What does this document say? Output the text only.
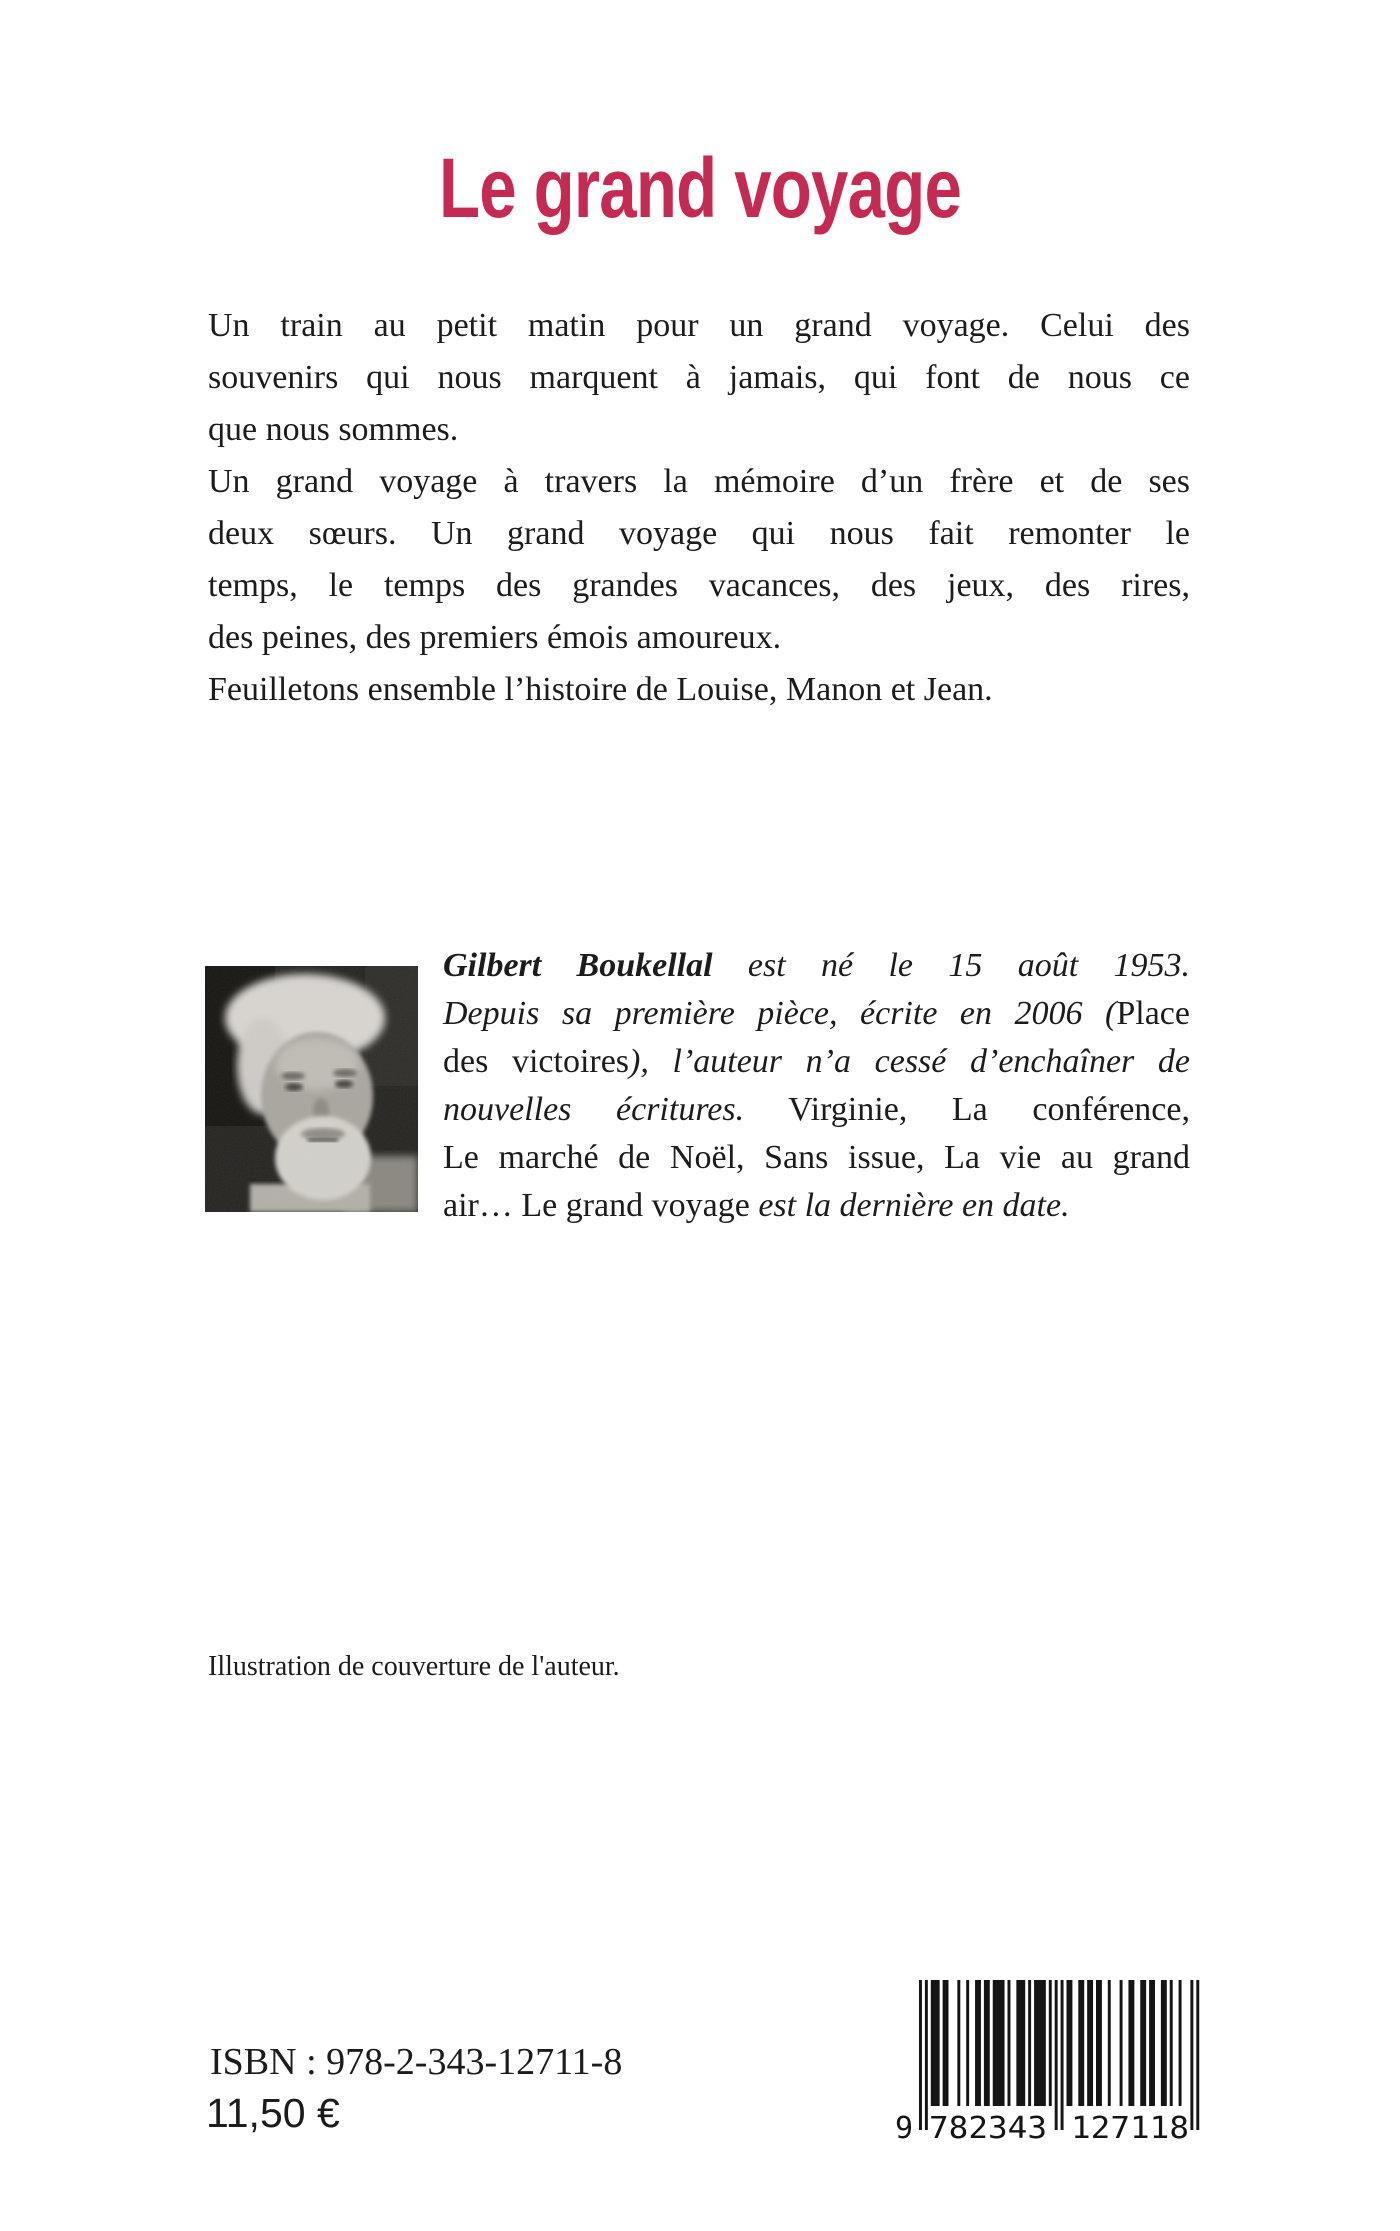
Le grand voyage
Un train au petit matin pour un grand voyage. Celui des
souvenirs qui nous marquent à jamais, qui font de nous ce
que nous sommes.
Un grand voyage à travers la mémoire d’un frère et de ses
deux sœurs. Un grand voyage qui nous fait remonter le
temps, le temps des grandes vacances, des jeux, des rires,
des peines, des premiers émois amoureux.
Feuilletons ensemble l’histoire de Louise, Manon et Jean.
Gilbert Boukellal est né le 15 août 1953.
Depuis sa première pièce, écrite en 2006 (Place
des victoires), l’auteur n’a cessé d’enchaîner de
nouvelles écritures. Virginie, La conférence,
Le marché de Noël, Sans issue, La vie au grand
air… Le grand voyage est la dernière en date.

Illustration de couverture de l'auteur.

ISBN : 978-2-343-12711-8

11,50 €	9 782343 127118
